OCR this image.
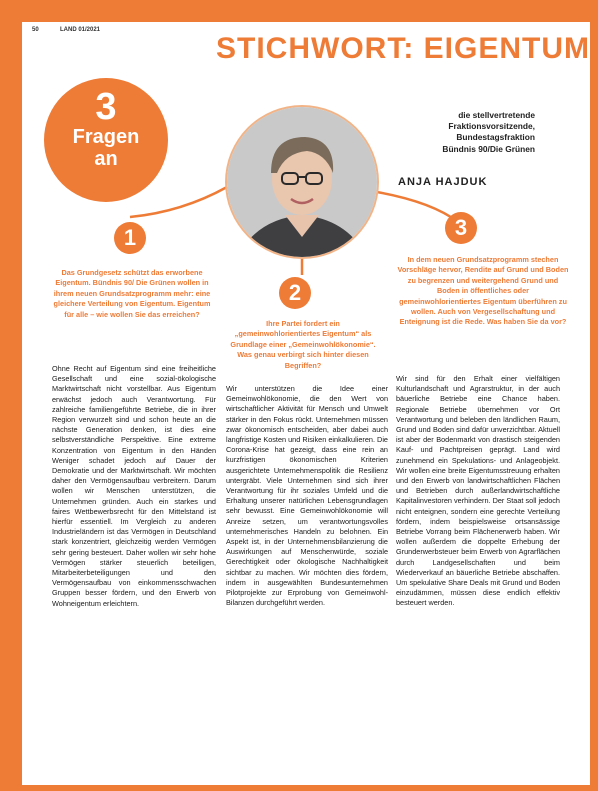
50	LAND 01/2021
STICHWORT: EIGENTUM
3
Fragen
an
die stellvertretende
Fraktionsvorsitzende,
Bundestagsfraktion
Bündnis 90/Die Grünen
ANJA HAJDUK
1
Das Grundgesetz schützt das erworbene Eigentum. Bündnis 90/ Die Grünen wollen in ihrem neuen Grundsatzprogramm mehr: eine gleichere Verteilung von Eigentum. Eigentum für alle – wie wollen Sie das erreichen?

Ohne Recht auf Eigentum sind eine freiheitliche Gesellschaft und eine sozial-ökologische Marktwirtschaft nicht vorstellbar. Aus Eigentum erwächst jedoch auch Verantwortung. Für zahlreiche familiengeführte Betriebe, die in ihrer Region verwurzelt sind und schon heute an die nächste Generation denken, ist dies eine selbstverständliche Perspektive. Eine extreme Konzentration von Eigentum in den Händen Weniger schadet jedoch auf Dauer der Demokratie und der Marktwirtschaft. Wir möchten daher den Vermögensaufbau verbreitern. Darum wollen wir Menschen unterstützen, die Unternehmen gründen. Auch ein starkes und faires Wettbewerbsrecht für den Mittelstand ist hierfür essentiell. Im Vergleich zu anderen Industrieländern ist das Vermögen in Deutschland stark konzentriert, gleichzeitig werden Vermögen sehr gering besteuert. Daher wollen wir sehr hohe Vermögen stärker steuerlich beteiligen, Mitarbeiterbeteiligungen und den Vermögensaufbau von einkommensschwachen Gruppen besser fördern, und den Erwerb von Wohneigentum erleichtern.

2
Ihre Partei fordert ein „gemeinwohlorientiertes Eigentum“ als Grundlage einer „Gemeinwohlökonomie“. Was genau verbirgt sich hinter diesen Begriffen?

Wir unterstützen die Idee einer Gemeinwohlökonomie, die den Wert von wirtschaftlicher Aktivität für Mensch und Umwelt stärker in den Fokus rückt. Unternehmen müssen zwar ökonomisch entscheiden, aber dabei auch langfristige Kosten und Risiken einkalkulieren. Die Corona-Krise hat gezeigt, dass eine rein an kurzfristigen ökonomischen Kriterien ausgerichtete Unternehmenspolitik die Resilienz untergräbt. Viele Unternehmen sind sich ihrer Verantwortung für ihr soziales Umfeld und die Erhaltung unserer natürlichen Lebensgrundlagen sehr bewusst. Eine Gemeinwohlökonomie will Anreize setzen, um verantwortungsvolles unternehmerisches Handeln zu belohnen. Ein Aspekt ist, in der Unternehmensbilanzierung die Auswirkungen auf Menschenwürde, soziale Gerechtigkeit oder ökologische Nachhaltigkeit sichtbar zu machen. Wir möchten dies fördern, indem in ausgewählten Bundesunternehmen Pilotprojekte zur Erprobung von Gemeinwohl-Bilanzen durchgeführt werden.

3
In dem neuen Grundsatzprogramm stechen Vorschläge hervor, Rendite auf Grund und Boden zu begrenzen und weitergehend Grund und Boden in öffentliches oder gemeinwohlorientiertes Eigentum überführen zu wollen. Auch von Vergesellschaftung und Enteignung ist die Rede. Was haben Sie da vor?

Wir sind für den Erhalt einer vielfältigen Kulturlandschaft und Agrarstruktur, in der auch bäuerliche Betriebe eine Chance haben. Regionale Betriebe übernehmen vor Ort Verantwortung und beleben den ländlichen Raum, Grund und Boden sind dafür unverzichtbar. Aktuell ist aber der Bodenmarkt von drastisch steigenden Kauf- und Pachtpreisen geprägt. Land wird zunehmend ein Spekulations- und Anlageobjekt. Wir wollen eine breite Eigentumsstreuung erhalten und den Erwerb von landwirtschaftlichen Flächen und Betrieben durch außerlandwirtschaftliche Kapitalinvestoren verhindern. Der Staat soll jedoch nicht enteignen, sondern eine gerechte Verteilung fördern, indem beispielsweise ortsansässige Betriebe Vorrang beim Flächenerwerb haben. Wir wollen außerdem die doppelte Erhebung der Grunderwerbsteuer beim Erwerb von Agrarflächen durch Landgesellschaften und beim Wiederverkauf an bäuerliche Betriebe abschaffen. Um spekulative Share Deals mit Grund und Boden einzudämmen, müssen diese endlich effektiv besteuert werden.
